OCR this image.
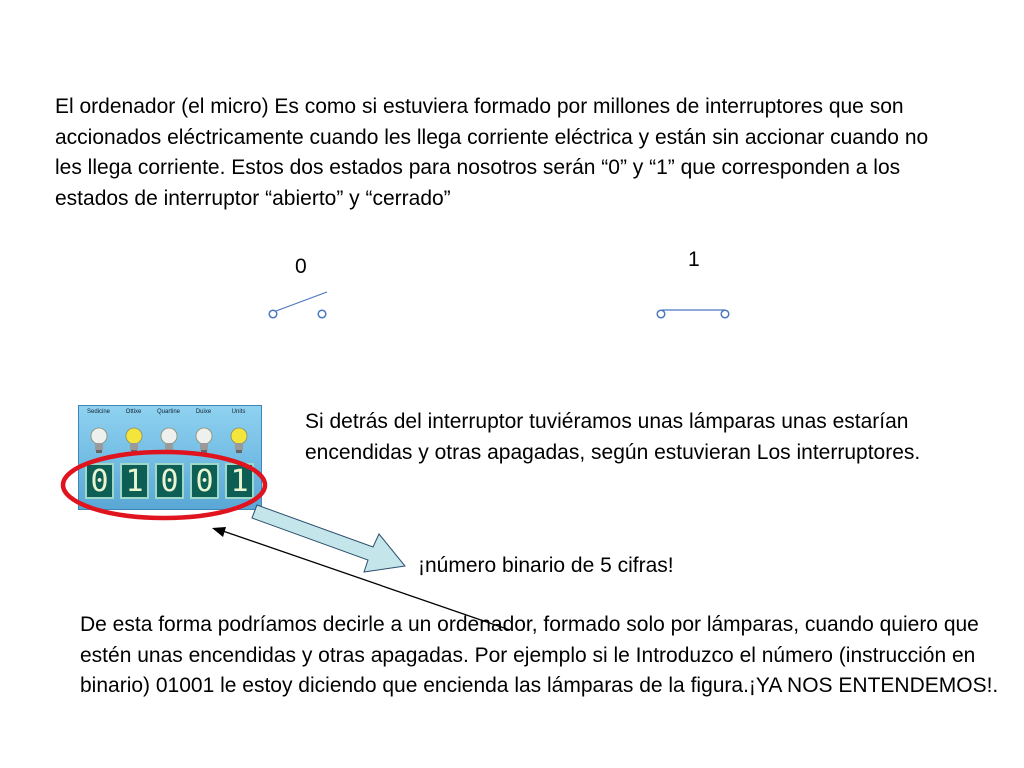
El ordenador (el micro) Es como si estuviera formado por millones de interruptores que son accionados eléctricamente cuando les llega corriente eléctrica y están sin accionar cuando no les llega corriente. Estos dos estados para nosotros serán “0” y “1” que corresponden a los estados de interruptor “abierto” y “cerrado”

0	1
Sedicine	Ottixe	Quartine	Duixe	Units
0 1 0 0 1

Si detrás del interruptor tuviéramos unas lámparas unas estarían encendidas y otras apagadas, según estuvieran Los interruptores.

¡número binario de 5 cifras!

De esta forma podríamos decirle a un ordenador, formado solo por lámparas, cuando quiero que estén unas encendidas y otras apagadas. Por ejemplo si le Introduzco el número (instrucción en binario) 01001 le estoy diciendo que encienda las lámparas de la figura.¡YA NOS ENTENDEMOS!.
